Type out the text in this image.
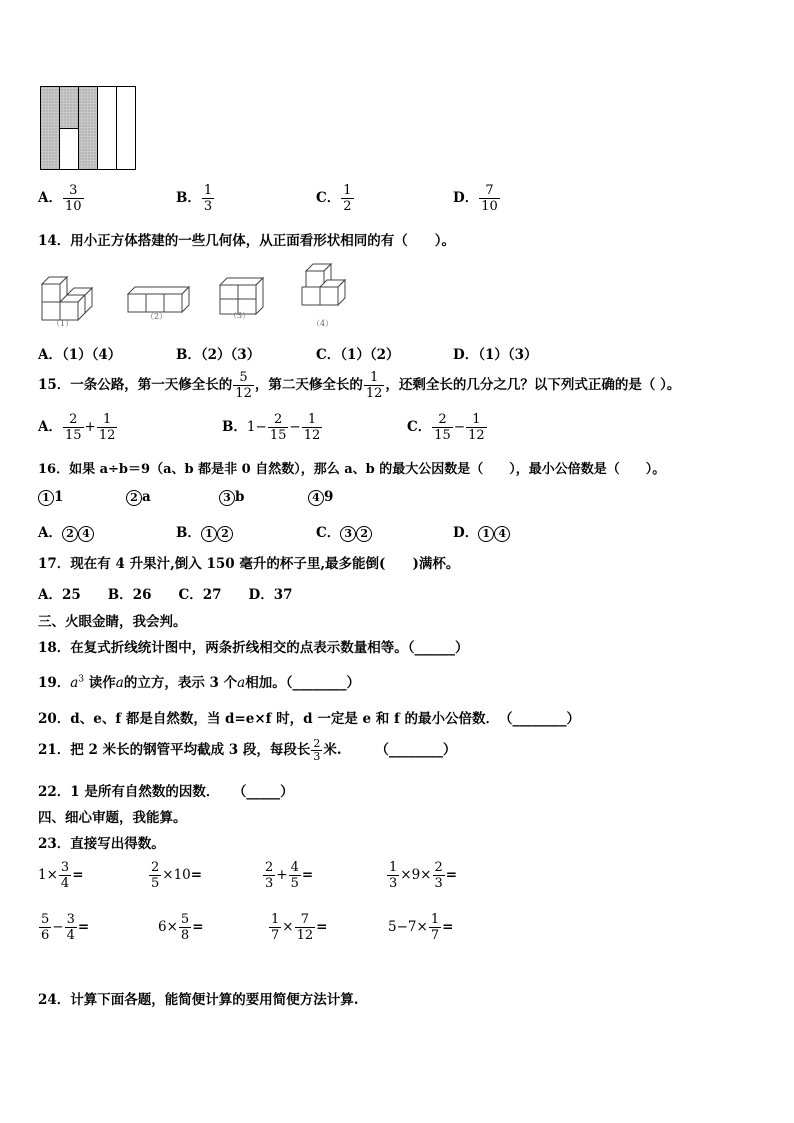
A． $\frac{3}{10}$	B． $\frac{1}{3}$	C． $\frac{1}{2}$	D． $\frac{7}{10}$
14．用小正方体搭建的一些几何体，从正面看形状相同的有（　　）。
（1）
（2）	（3）
（4）
A．（1）（4）	B．（2）（3）	C．（1）（2）	D．（1）（3）
15．一条公路，第一天修全长的 $\frac{5}{12}$ ，第二天修全长的 $\frac{1}{12}$ ，还剩全长的几分之几？以下列式正确的是（ ）。
A． $\frac{2}{15} + \frac{1}{12}$	B．$1- \frac{2}{15} - \frac{1}{12}$	C． $\frac{2}{15} - \frac{1}{12}$
16．如果 a÷b＝9（a、b 都是非 0 自然数），那么 a、b 的最大公因数是（　　），最小公倍数是（　　）。
1 1	2 a	3 b	4 9
A． 2 4	B． 1 2	C． 3 2	D． 1 4
17．现在有 4 升果汁,倒入 150 毫升的杯子里,最多能倒(　　)满杯。
A．25　　B．26　　C．27　　D．37
三、火眼金睛，我会判。
18．在复式折线统计图中，两条折线相交的点表示数量相等。（______）
19．$a^3$ 读作a的立方，表示 3 个a相加。（________）
20．d、e、f 都是自然数，当 d=e×f 时，d 一定是 e 和 f 的最小公倍数．　（________）
21．把 2 米长的钢管平均截成 3 段，每段长 $\frac{2}{3}$ 米.　　　（________）
22．1 是所有自然数的因数．　　（_____）
四、细心审题，我能算。
23．直接写出得数。
$1\times \frac{3}{4}$ =	$\frac{2}{5} \times 10=$	$\frac{2}{3} + \frac{4}{5}$ =	$\frac{1}{3} \times 9\times \frac{2}{3}$ =
$\frac{5}{6} - \frac{3}{4}$ =	$6\times \frac{5}{8}$ =	$\frac{1}{7} \times \frac{7}{12}$ =	$5-7\times \frac{1}{7}$ =
24．计算下面各题，能简便计算的要用简便方法计算.
